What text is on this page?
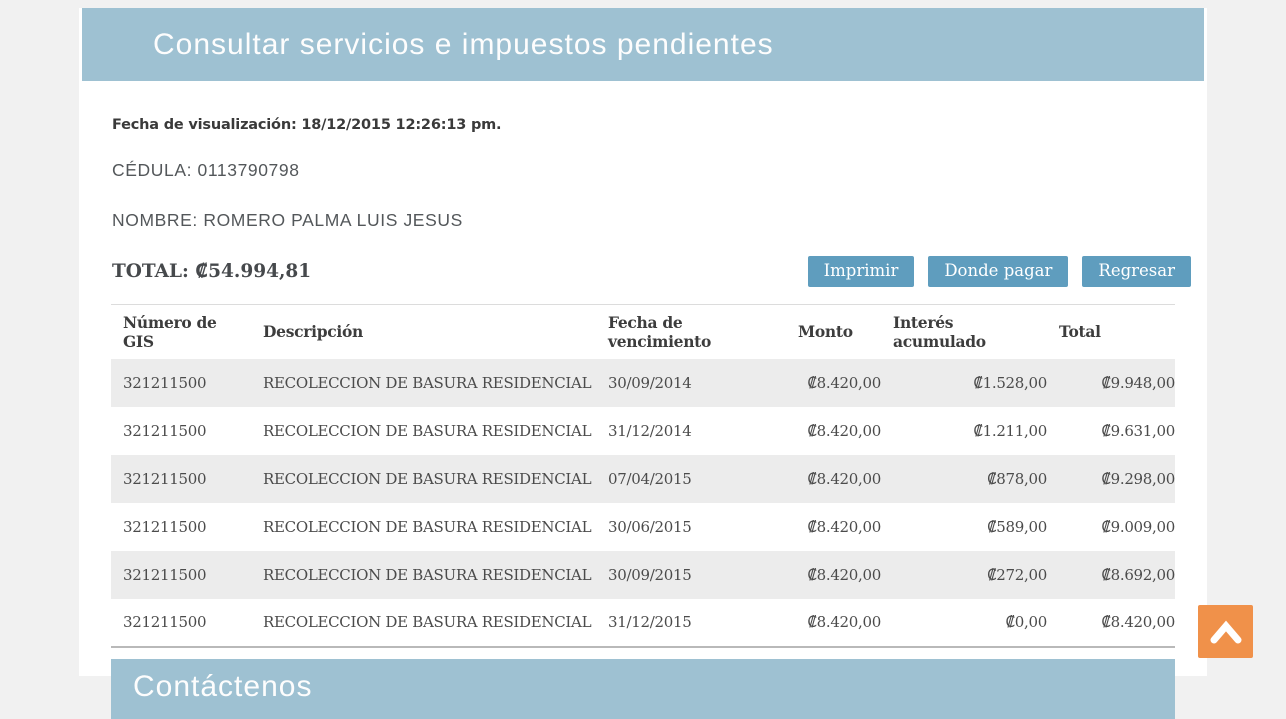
Consultar servicios e impuestos pendientes

Fecha de visualización: 18/12/2015 12:26:13 pm.

CÉDULA: 0113790798

NOMBRE: ROMERO PALMA LUIS JESUS

TOTAL: ₡54.994,81	Imprimir	Donde pagar	Regresar
Número de GIS	Descripción	Fecha de vencimiento	Monto	Interés acumulado	Total
321211500	RECOLECCION DE BASURA RESIDENCIAL	30/09/2014	₡8.420,00	₡1.528,00	₡9.948,00
321211500	RECOLECCION DE BASURA RESIDENCIAL	31/12/2014	₡8.420,00	₡1.211,00	₡9.631,00
321211500	RECOLECCION DE BASURA RESIDENCIAL	07/04/2015	₡8.420,00	₡878,00	₡9.298,00
321211500	RECOLECCION DE BASURA RESIDENCIAL	30/06/2015	₡8.420,00	₡589,00	₡9.009,00
321211500	RECOLECCION DE BASURA RESIDENCIAL	30/09/2015	₡8.420,00	₡272,00	₡8.692,00
321211500	RECOLECCION DE BASURA RESIDENCIAL	31/12/2015	₡8.420,00	₡0,00	₡8.420,00
Contáctenos
